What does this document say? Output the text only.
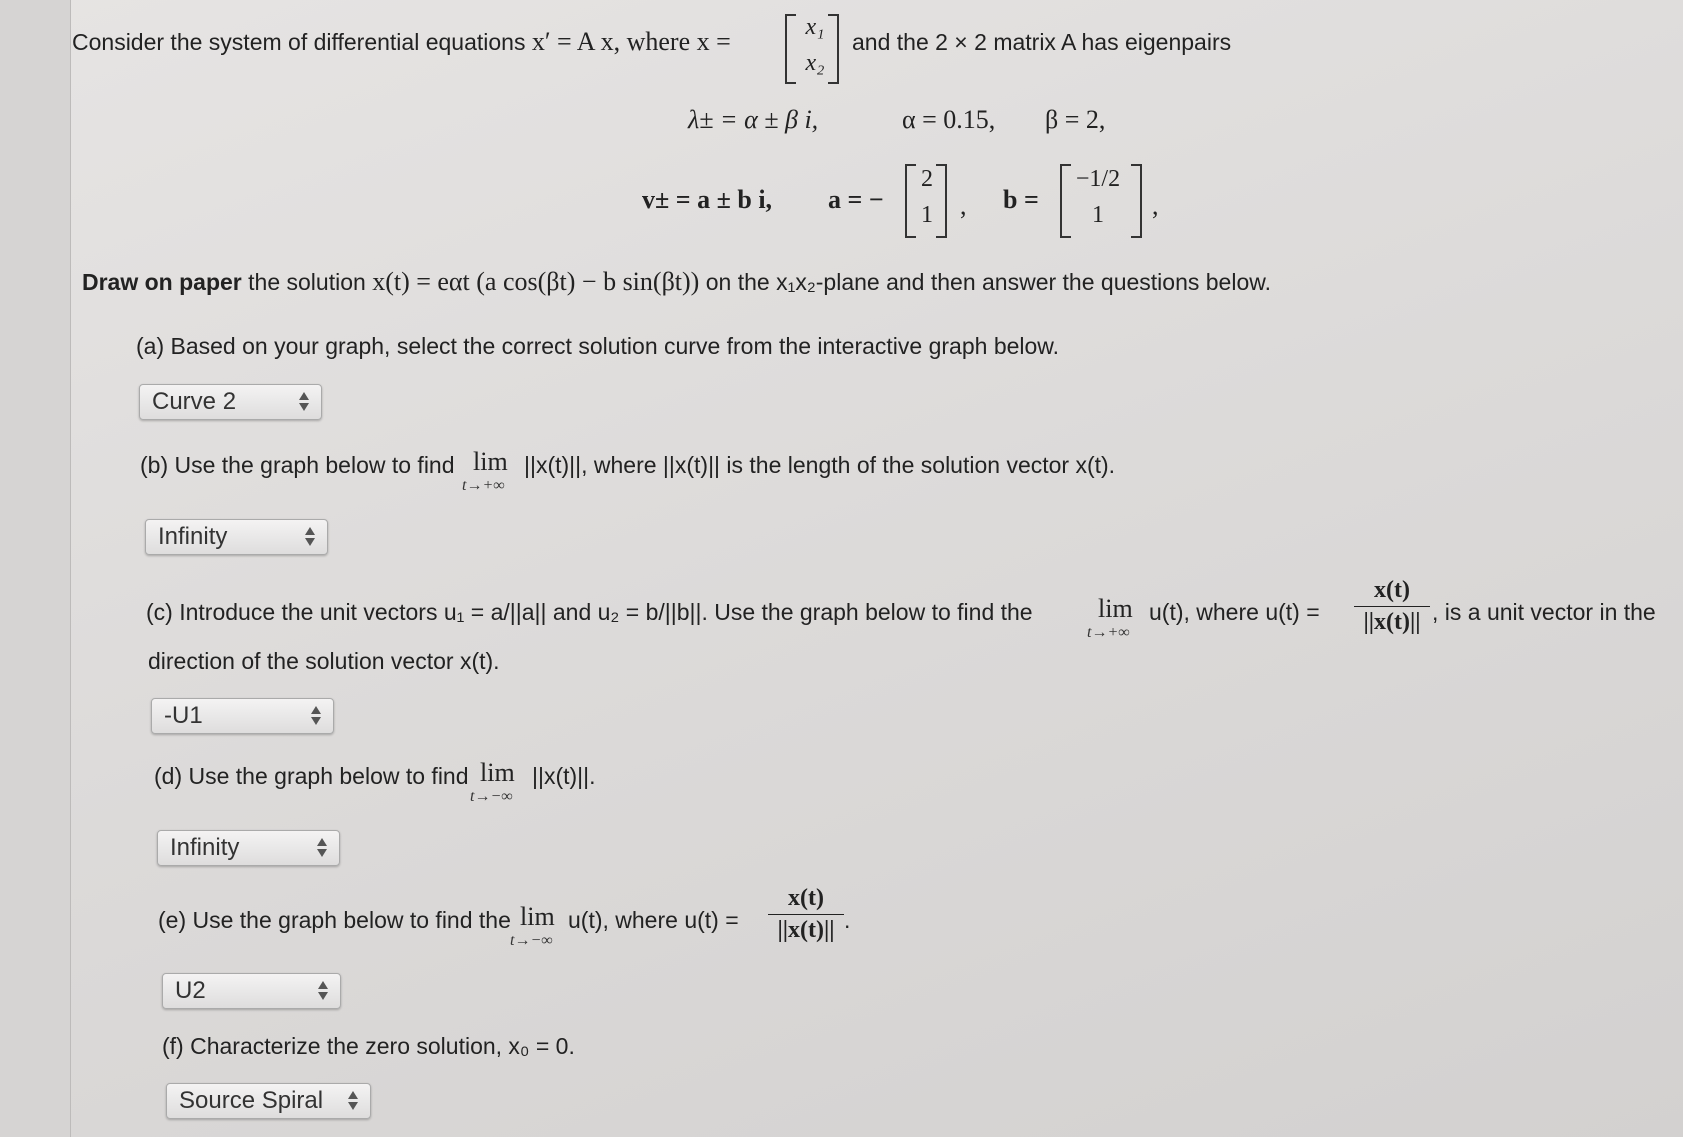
Consider the system of differential equations x′ = A x, where x =	x₁
x₂
and the 2 × 2 matrix A has eigenpairs
λ± = α ± β i,	α = 0.15, β = 2,
v± = a ± b i, a = −
2
1	, b =
−1/2
1	,
Draw on paper the solution x(t) = eαt (a cos(βt) − b sin(βt)) on the x₁x₂-plane and then answer the questions below.
(a) Based on your graph, select the correct solution curve from the interactive graph below.
Curve 2
(b) Use the graph below to find lim
t→+∞
||x(t)||, where ||x(t)|| is the length of the solution vector x(t).
Infinity
(c) Introduce the unit vectors u₁ = a/||a|| and u₂ = b/||b||. Use the graph below to find the	lim
t→+∞
u(t), where u(t) =
x(t)
||x(t)|| , is a unit vector in the
direction of the solution vector x(t).
-U1
(d) Use the graph below to find lim
t→−∞
||x(t)||.
Infinity
(e) Use the graph below to find the lim
t→−∞
u(t), where u(t) =
x(t)
||x(t)|| .
U2
(f) Characterize the zero solution, x₀ = 0.
Source Spiral
